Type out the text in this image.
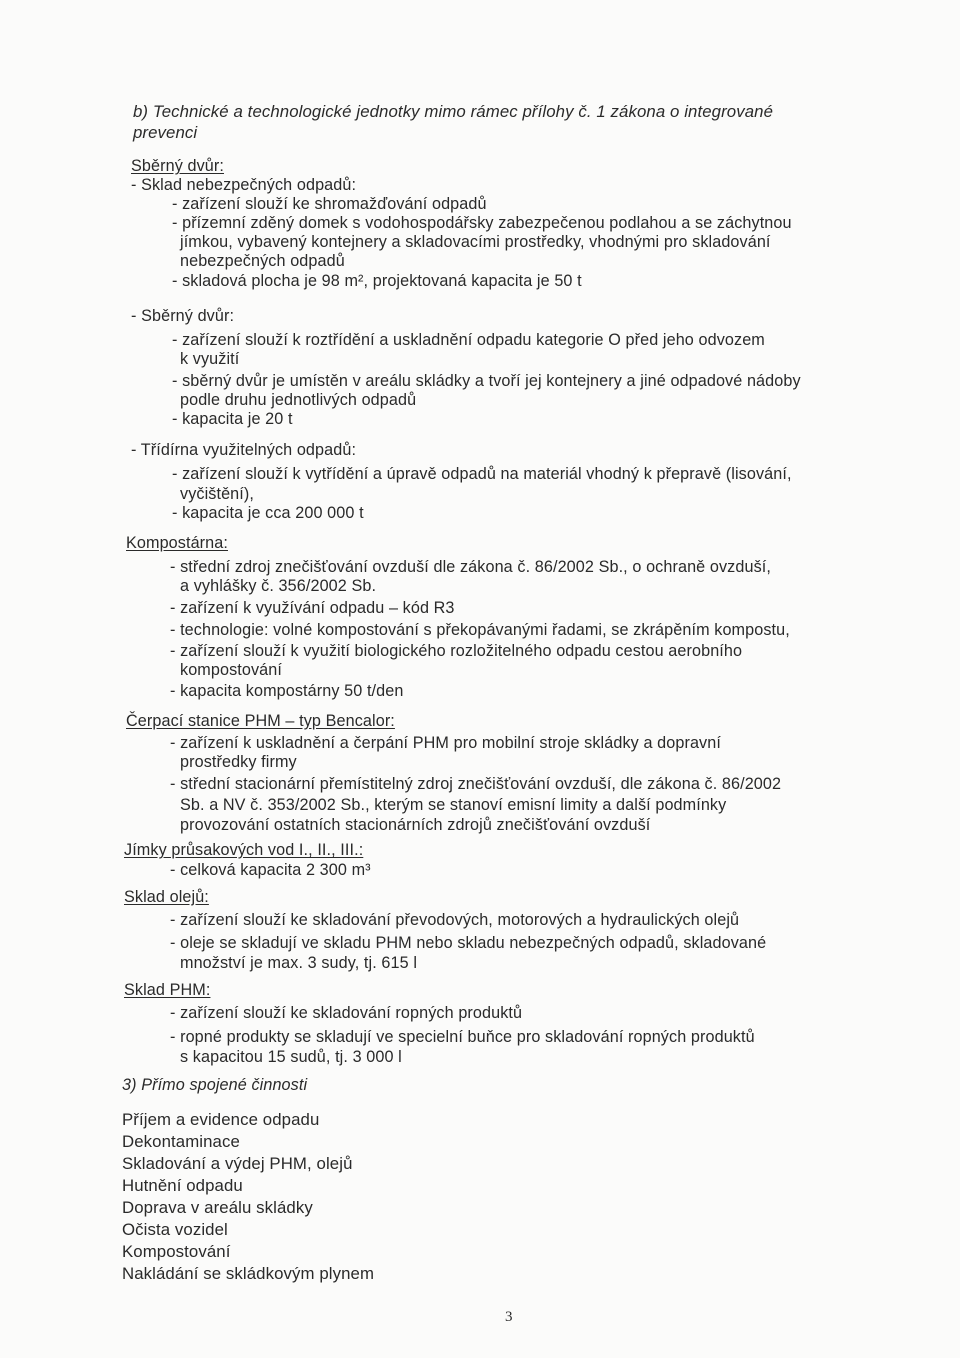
b) Technické a technologické jednotky mimo rámec přílohy č. 1 zákona o integrované

prevenci

Sběrný dvůr:

- Sklad nebezpečných odpadů:

- zařízení slouží ke shromažďování odpadů

- přízemní zděný domek s vodohospodářsky zabezpečenou podlahou a se záchytnou

jímkou, vybavený kontejnery a skladovacími prostředky, vhodnými pro skladování

nebezpečných odpadů

- skladová plocha je 98 m², projektovaná kapacita je 50 t

- Sběrný dvůr:

- zařízení slouží k roztřídění a uskladnění odpadu kategorie O před jeho odvozem

k využití

- sběrný dvůr je umístěn v areálu skládky a tvoří jej kontejnery a jiné odpadové nádoby

podle druhu jednotlivých odpadů

- kapacita je 20 t

- Třídírna využitelných odpadů:

- zařízení slouží k vytřídění a úpravě odpadů na materiál vhodný k přepravě (lisování,

vyčištění),

- kapacita je cca 200 000 t

Kompostárna:

- střední zdroj znečišťování ovzduší dle zákona č. 86/2002 Sb., o ochraně ovzduší,

a vyhlášky č. 356/2002 Sb.

- zařízení k využívání odpadu – kód R3

- technologie: volné kompostování s překopávanými řadami, se zkrápěním kompostu,

- zařízení slouží k využití biologického rozložitelného odpadu cestou aerobního

kompostování

- kapacita kompostárny 50 t/den

Čerpací stanice PHM – typ Bencalor:

- zařízení k uskladnění a čerpání PHM pro mobilní stroje skládky a dopravní

prostředky firmy

- střední stacionární přemístitelný zdroj znečišťování ovzduší, dle zákona č. 86/2002

Sb. a NV č. 353/2002 Sb., kterým se stanoví emisní limity a další podmínky

provozování ostatních stacionárních zdrojů znečišťování ovzduší

Jímky průsakových vod I., II., III.:

- celková kapacita 2 300 m³

Sklad olejů:

- zařízení slouží ke skladování převodových, motorových a hydraulických olejů

- oleje se skladují ve skladu PHM nebo skladu nebezpečných odpadů, skladované

množství je max. 3 sudy, tj. 615 l

Sklad PHM:

- zařízení slouží ke skladování ropných produktů

- ropné produkty se skladují ve specielní buňce pro skladování ropných produktů

s kapacitou 15 sudů, tj. 3 000 l

3) Přímo spojené činnosti

Příjem a evidence odpadu

Dekontaminace

Skladování a výdej PHM, olejů

Hutnění odpadu

Doprava v areálu skládky

Očista vozidel

Kompostování

Nakládání se skládkovým plynem

3
